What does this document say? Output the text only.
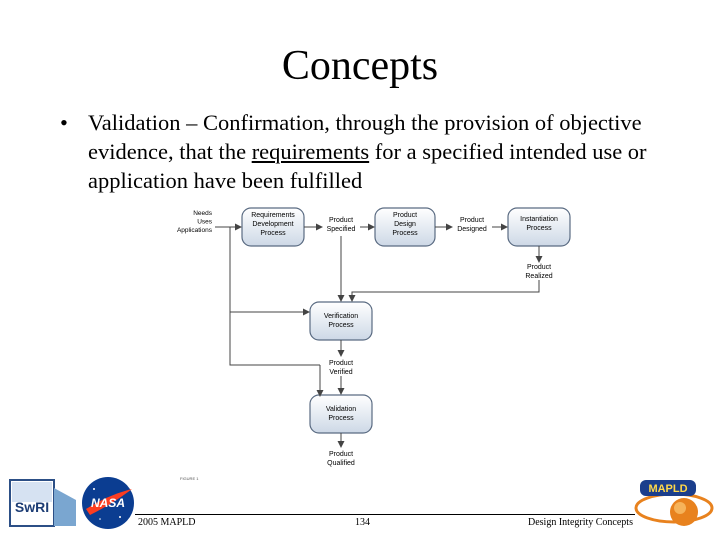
Concepts
• Validation – Confirmation, through the provision of objective evidence, that the requirements for a specified intended use or application have been fulfilled
Requirements Development Process
Product Design Process
Instantiation Process
Verification Process
Validation Process
Needs Uses Applications
Product Specified
Product Designed
Product Realized
Product Verified
Product Qualified
FIGURE 1
SwRI	NASA
MAPLD
2005 MAPLD	134	Design Integrity Concepts
